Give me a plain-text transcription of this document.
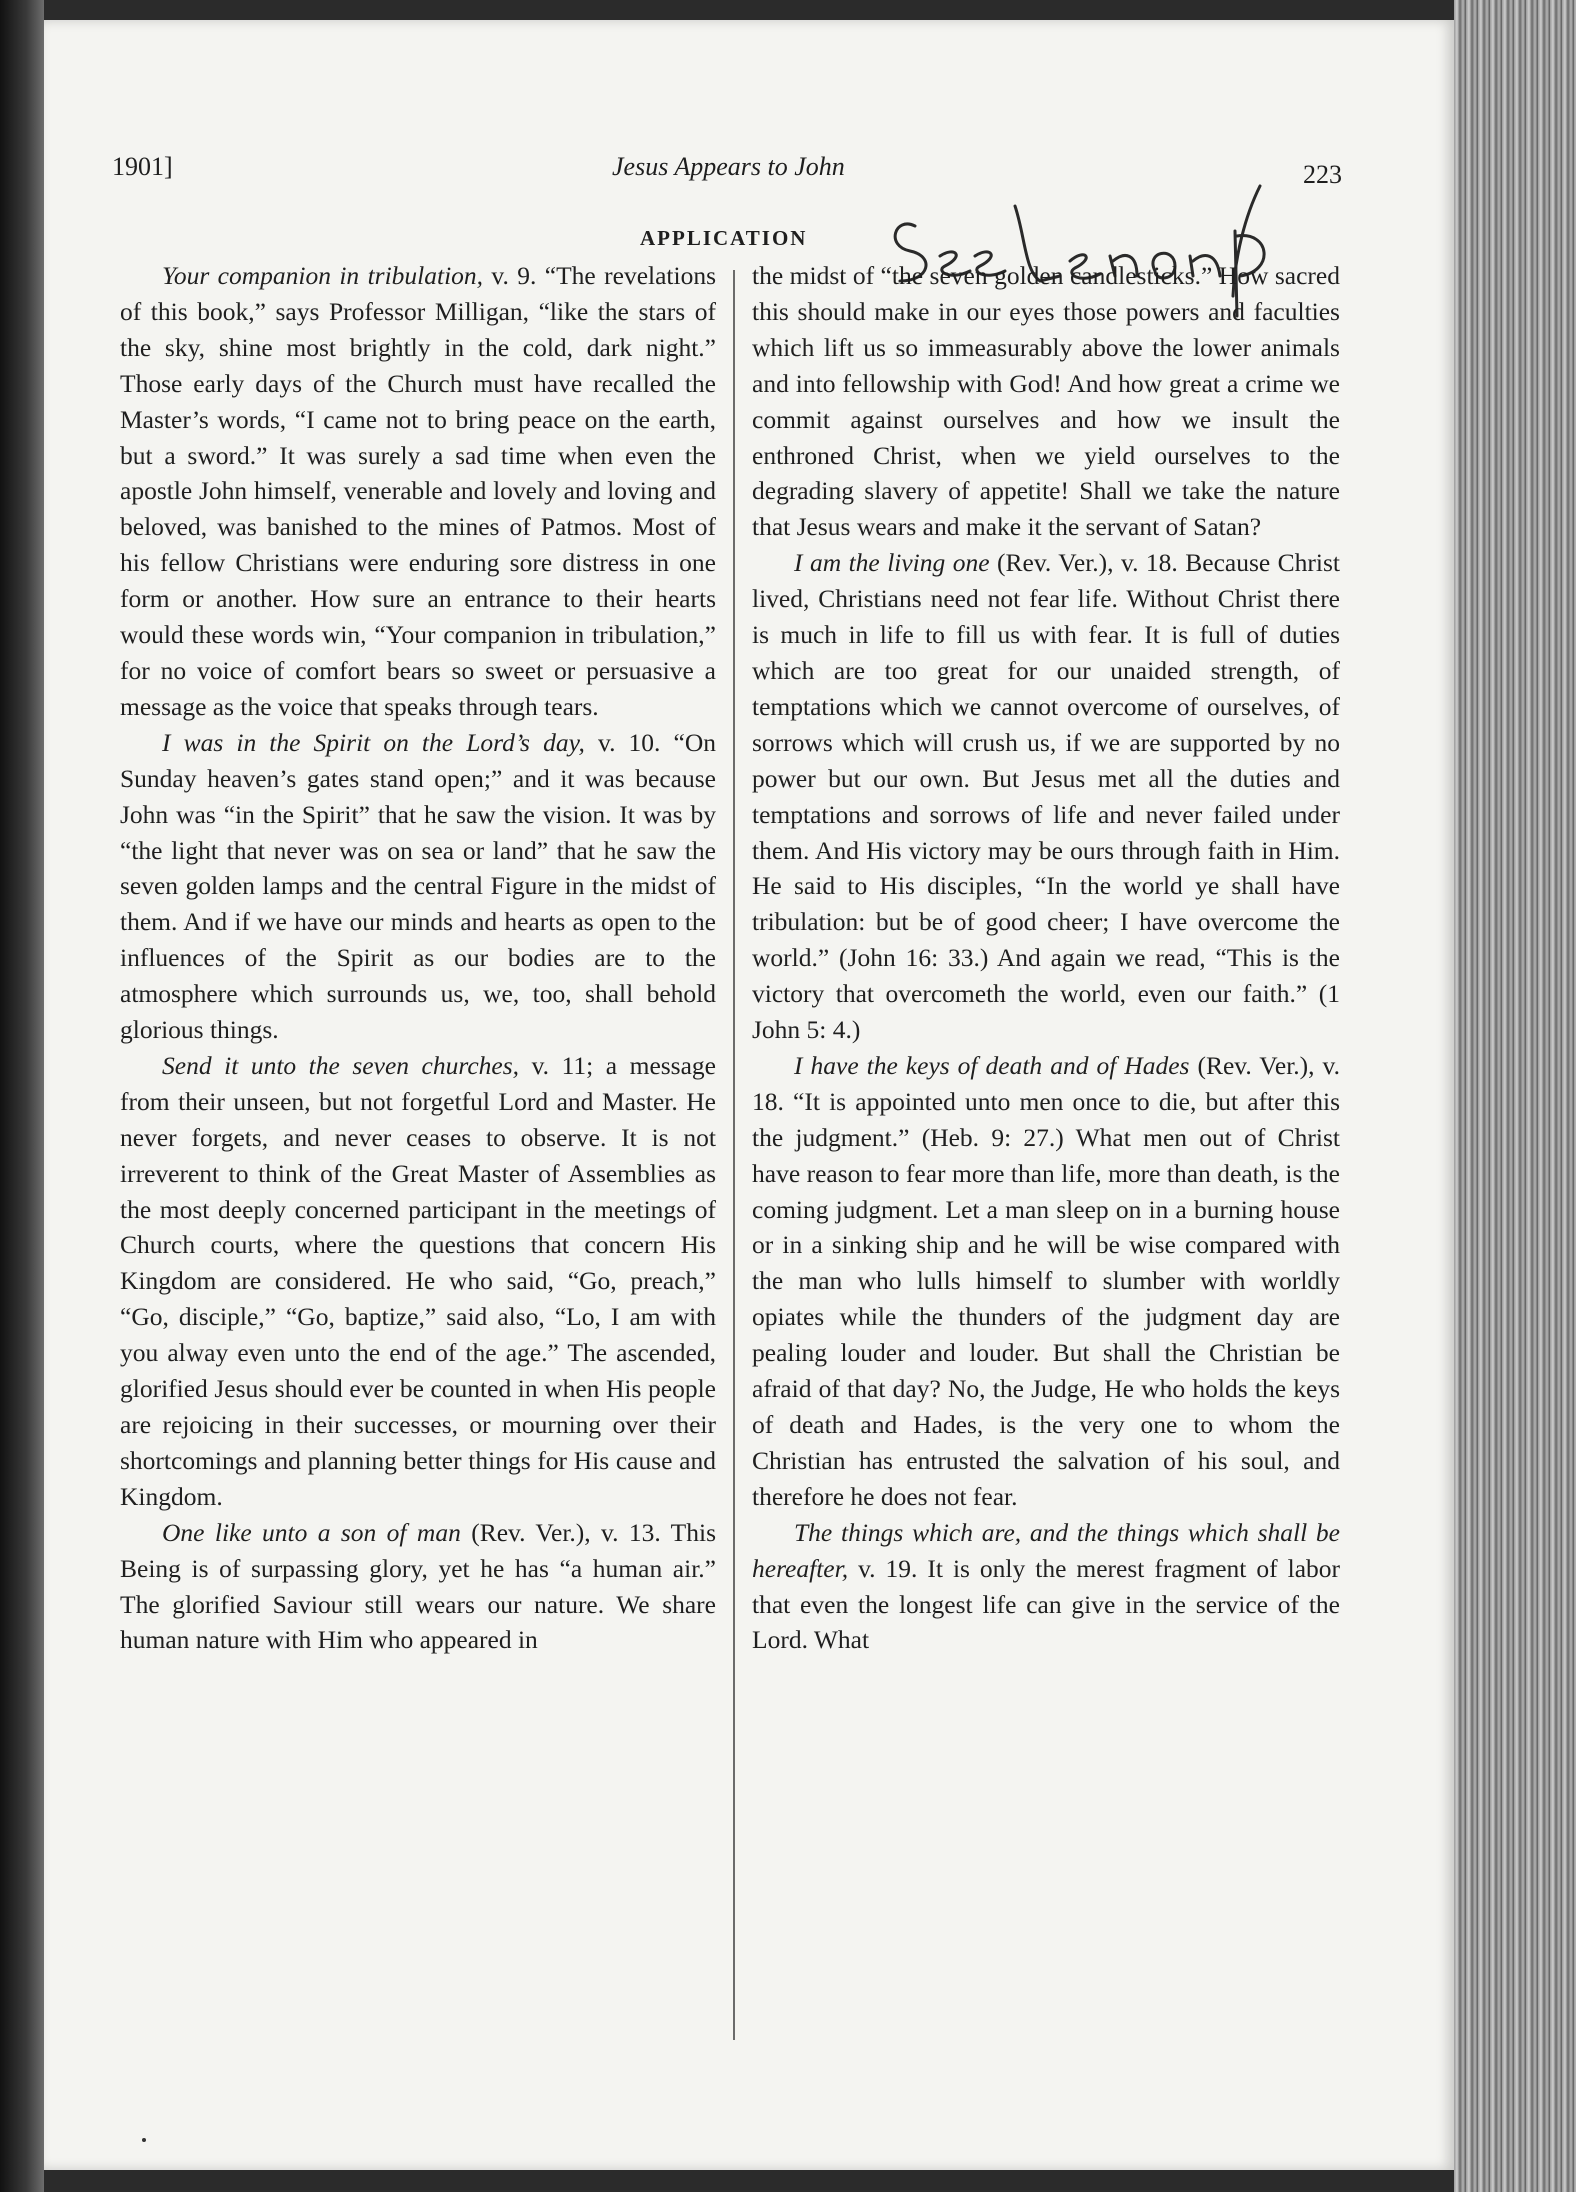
1901]	Jesus Appears to John	223
APPLICATION

Your companion in tribulation, v. 9. “The revelations of this book,” says Professor Milligan, “like the stars of the sky, shine most brightly in the cold, dark night.” Those early days of the Church must have recalled the Master’s words, “I came not to bring peace on the earth, but a sword.” It was surely a sad time when even the apostle John himself, venerable and lovely and loving and beloved, was banished to the mines of Patmos. Most of his fellow Christians were enduring sore distress in one form or another. How sure an entrance to their hearts would these words win, “Your companion in tribulation,” for no voice of comfort bears so sweet or persuasive a message as the voice that speaks through tears.

I was in the Spirit on the Lord’s day, v. 10. “On Sunday heaven’s gates stand open;” and it was because John was “in the Spirit” that he saw the vision. It was by “the light that never was on sea or land” that he saw the seven golden lamps and the central Figure in the midst of them. And if we have our minds and hearts as open to the influences of the Spirit as our bodies are to the atmosphere which surrounds us, we, too, shall behold glorious things.

Send it unto the seven churches, v. 11; a message from their unseen, but not forgetful Lord and Master. He never forgets, and never ceases to observe. It is not irreverent to think of the Great Master of Assemblies as the most deeply concerned participant in the meetings of Church courts, where the questions that concern His Kingdom are considered. He who said, “Go, preach,” “Go, disciple,” “Go, baptize,” said also, “Lo, I am with you alway even unto the end of the age.” The ascended, glorified Jesus should ever be counted in when His people are rejoicing in their successes, or mourning over their shortcomings and planning better things for His cause and Kingdom.

One like unto a son of man (Rev. Ver.), v. 13. This Being is of surpassing glory, yet he has “a human air.” The glorified Saviour still wears our nature. We share human nature with Him who appeared in

the midst of “the seven golden candlesticks.” How sacred this should make in our eyes those powers and faculties which lift us so immeasurably above the lower animals and into fellowship with God! And how great a crime we commit against ourselves and how we insult the enthroned Christ, when we yield ourselves to the degrading slavery of appetite! Shall we take the nature that Jesus wears and make it the servant of Satan?

I am the living one (Rev. Ver.), v. 18. Because Christ lived, Christians need not fear life. Without Christ there is much in life to fill us with fear. It is full of duties which are too great for our unaided strength, of temptations which we cannot overcome of ourselves, of sorrows which will crush us, if we are supported by no power but our own. But Jesus met all the duties and temptations and sorrows of life and never failed under them. And His victory may be ours through faith in Him. He said to His disciples, “In the world ye shall have tribulation: but be of good cheer; I have overcome the world.” (John 16: 33.) And again we read, “This is the victory that overcometh the world, even our faith.” (1 John 5: 4.)

I have the keys of death and of Hades (Rev. Ver.), v. 18. “It is appointed unto men once to die, but after this the judgment.” (Heb. 9: 27.) What men out of Christ have reason to fear more than life, more than death, is the coming judgment. Let a man sleep on in a burning house or in a sinking ship and he will be wise compared with the man who lulls himself to slumber with worldly opiates while the thunders of the judgment day are pealing louder and louder. But shall the Christian be afraid of that day? No, the Judge, He who holds the keys of death and Hades, is the very one to whom the Christian has entrusted the salvation of his soul, and therefore he does not fear.

The things which are, and the things which shall be hereafter, v. 19. It is only the merest fragment of labor that even the longest life can give in the service of the Lord. What
